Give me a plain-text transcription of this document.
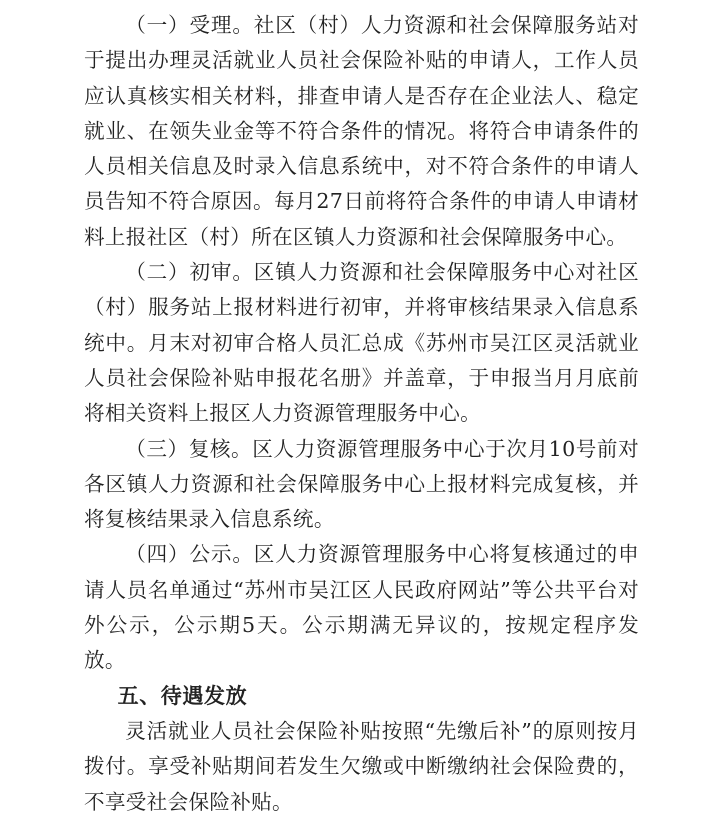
（一）受理。社区（村）人力资源和社会保障服务站对于提出办理灵活就业人员社会保险补贴的申请人，工作人员应认真核实相关材料，排查申请人是否存在企业法人、稳定就业、在领失业金等不符合条件的情况。将符合申请条件的人员相关信息及时录入信息系统中，对不符合条件的申请人员告知不符合原因。每月27日前将符合条件的申请人申请材料上报社区（村）所在区镇人力资源和社会保障服务中心。

（二）初审。区镇人力资源和社会保障服务中心对社区（村）服务站上报材料进行初审，并将审核结果录入信息系统中。月末对初审合格人员汇总成《苏州市吴江区灵活就业人员社会保险补贴申报花名册》并盖章，于申报当月月底前将相关资料上报区人力资源管理服务中心。

（三）复核。区人力资源管理服务中心于次月10号前对各区镇人力资源和社会保障服务中心上报材料完成复核，并将复核结果录入信息系统。

（四）公示。区人力资源管理服务中心将复核通过的申请人员名单通过“苏州市吴江区人民政府网站”等公共平台对外公示，公示期5天。公示期满无异议的，按规定程序发放。

五、待遇发放

灵活就业人员社会保险补贴按照“先缴后补”的原则按月拨付。享受补贴期间若发生欠缴或中断缴纳社会保险费的，不享受社会保险补贴。
